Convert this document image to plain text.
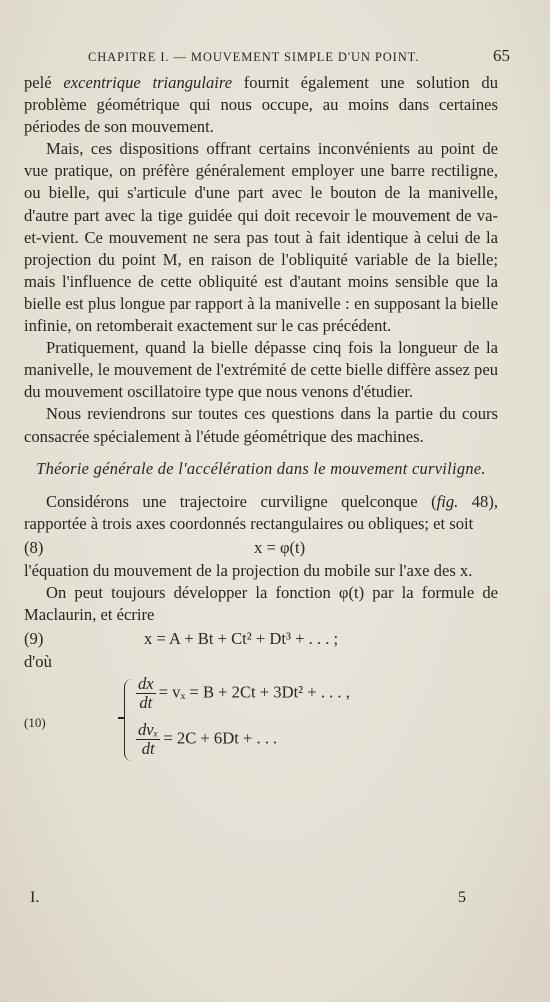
CHAPITRE I. — MOUVEMENT SIMPLE D'UN POINT.	65

pelé excentrique triangulaire fournit également une solution du problème géométrique qui nous occupe, au moins dans certaines périodes de son mouvement.

Mais, ces dispositions offrant certains inconvénients au point de vue pratique, on préfère généralement employer une barre rectiligne, ou bielle, qui s'articule d'une part avec le bouton de la manivelle, d'autre part avec la tige guidée qui doit recevoir le mouvement de va-et-vient. Ce mouvement ne sera pas tout à fait identique à celui de la projection du point M, en raison de l'obliquité variable de la bielle; mais l'influence de cette obliquité est d'autant moins sensible que la bielle est plus longue par rapport à la manivelle : en supposant la bielle infinie, on retomberait exactement sur le cas précédent.

Pratiquement, quand la bielle dépasse cinq fois la longueur de la manivelle, le mouvement de l'extrémité de cette bielle diffère assez peu du mouvement oscillatoire type que nous venons d'étudier.

Nous reviendrons sur toutes ces questions dans la partie du cours consacrée spécialement à l'étude géométrique des machines.

Théorie générale de l'accélération dans le mouvement curviligne.

Considérons une trajectoire curviligne quelconque (fig. 48), rapportée à trois axes coordonnés rectangulaires ou obliques; et soit

(8)	x = φ(t)

l'équation du mouvement de la projection du mobile sur l'axe des x.

On peut toujours développer la fonction φ(t) par la formule de Maclaurin, et écrire

(9)	x = A + Bt + Ct² + Dt³ + . . . ;

d'où

(10)
$\frac{dx}{dt} = v_x = B + 2Ct + 3Dt^2$ + . . . ,
$\frac{\text{dvₓ}}{dt} = 2C + 6Dt$ + . . .
I.	5
